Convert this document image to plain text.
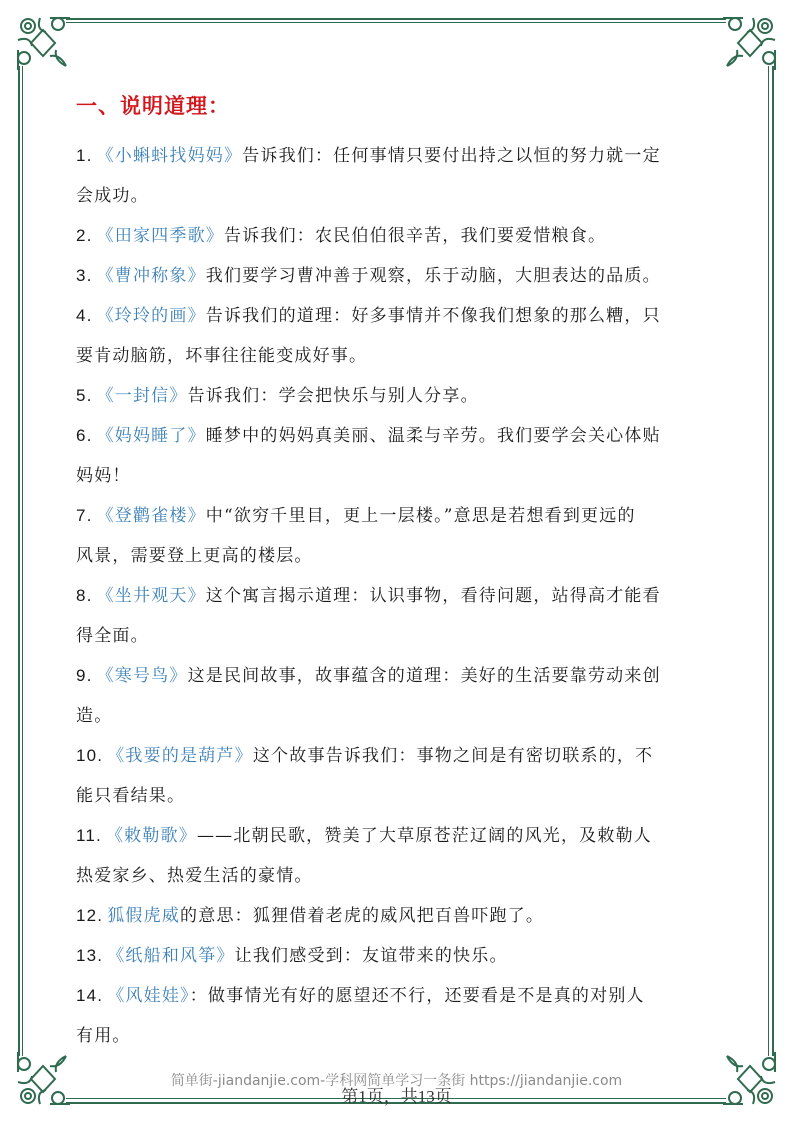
一、说明道理：

1. 《小蝌蚪找妈妈》告诉我们：任何事情只要付出持之以恒的努力就一定
会成功。

2. 《田家四季歌》告诉我们：农民伯伯很辛苦，我们要爱惜粮食。

3. 《曹冲称象》我们要学习曹冲善于观察，乐于动脑，大胆表达的品质。

4. 《玲玲的画》告诉我们的道理：好多事情并不像我们想象的那么糟，只
要肯动脑筋，坏事往往能变成好事。

5. 《一封信》告诉我们：学会把快乐与别人分享。

6. 《妈妈睡了》睡梦中的妈妈真美丽、温柔与辛劳。我们要学会关心体贴
妈妈！

7. 《登鹳雀楼》中“欲穷千里目，更上一层楼。”意思是若想看到更远的
风景，需要登上更高的楼层。

8. 《坐井观天》这个寓言揭示道理：认识事物，看待问题，站得高才能看
得全面。

9. 《寒号鸟》这是民间故事，故事蕴含的道理：美好的生活要靠劳动来创
造。

10. 《我要的是葫芦》这个故事告诉我们：事物之间是有密切联系的，不
能只看结果。

11. 《敕勒歌》——北朝民歌，赞美了大草原苍茫辽阔的风光，及敕勒人
热爱家乡、热爱生活的豪情。

12. 狐假虎威的意思：狐狸借着老虎的威风把百兽吓跑了。

13. 《纸船和风筝》让我们感受到：友谊带来的快乐。

14. 《风娃娃》：做事情光有好的愿望还不行，还要看是不是真的对别人
有用。

简单街-jiandanjie.com-学科网简单学习一条街 https://jiandanjie.com
第1页，共13页
